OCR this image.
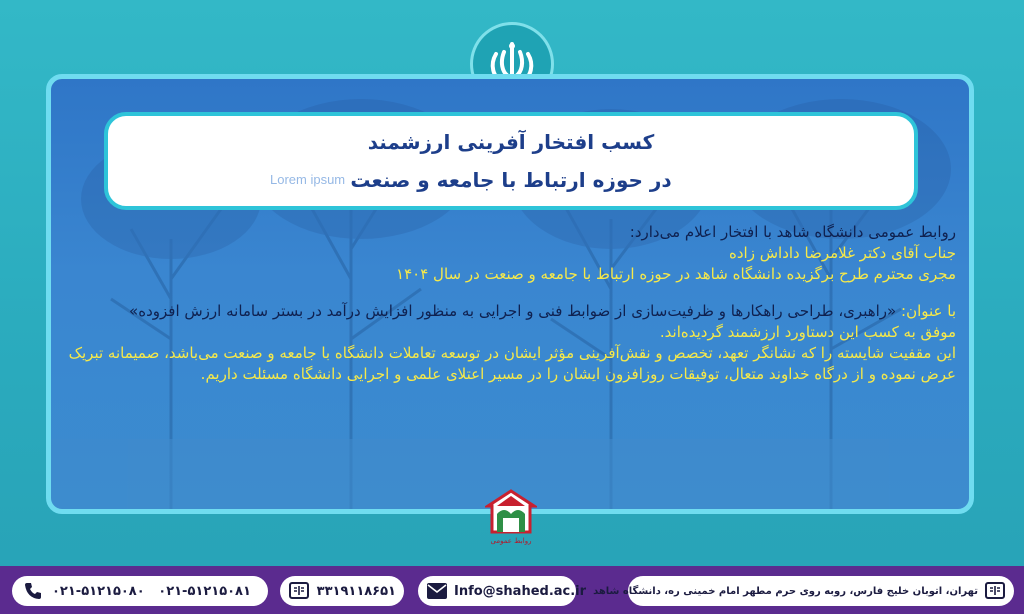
کسب افتخار آفرینی ارزشمند
در حوزه ارتباط با جامعه و صنعت
Lorem ipsum

روابط عمومی دانشگاه شاهد با افتخار اعلام می‌دارد:

جناب آقای دکتر غلامرضا داداش زاده

مجری محترم طرح برگزیده دانشگاه شاهد در حوزه ارتباط با جامعه و صنعت در سال ۱۴۰۴

با عنوان: «راهبری، طراحی راهکارها و ظرفیت‌سازی از ضوابط فنی و اجرایی به منظور افزایش درآمد در بستر سامانه ارزش افزوده»

موفق به کسب این دستاورد ارزشمند گردیده‌اند.

این مقفیت شایسته را که نشانگر تعهد، تخصص و نقش‌آفرینی مؤثر ایشان در توسعه تعاملات دانشگاه با جامعه و صنعت می‌باشد، صمیمانه تبریک عرض نموده و از درگاه خداوند متعال، توفیقات روزافزون ایشان را در مسیر اعتلای علمی و اجرایی دانشگاه مسئلت داریم.

روابط عمومی
تهران، اتوبان خلیج فارس، روبه روی حرم مطهر امام خمینی ره، دانشگاه شاهد
Info@shahed.ac.ir
۳۳۱۹۱۱۸۶۵۱
۰۲۱-۵۱۲۱۵۰۸۰   ۰۲۱-۵۱۲۱۵۰۸۱
